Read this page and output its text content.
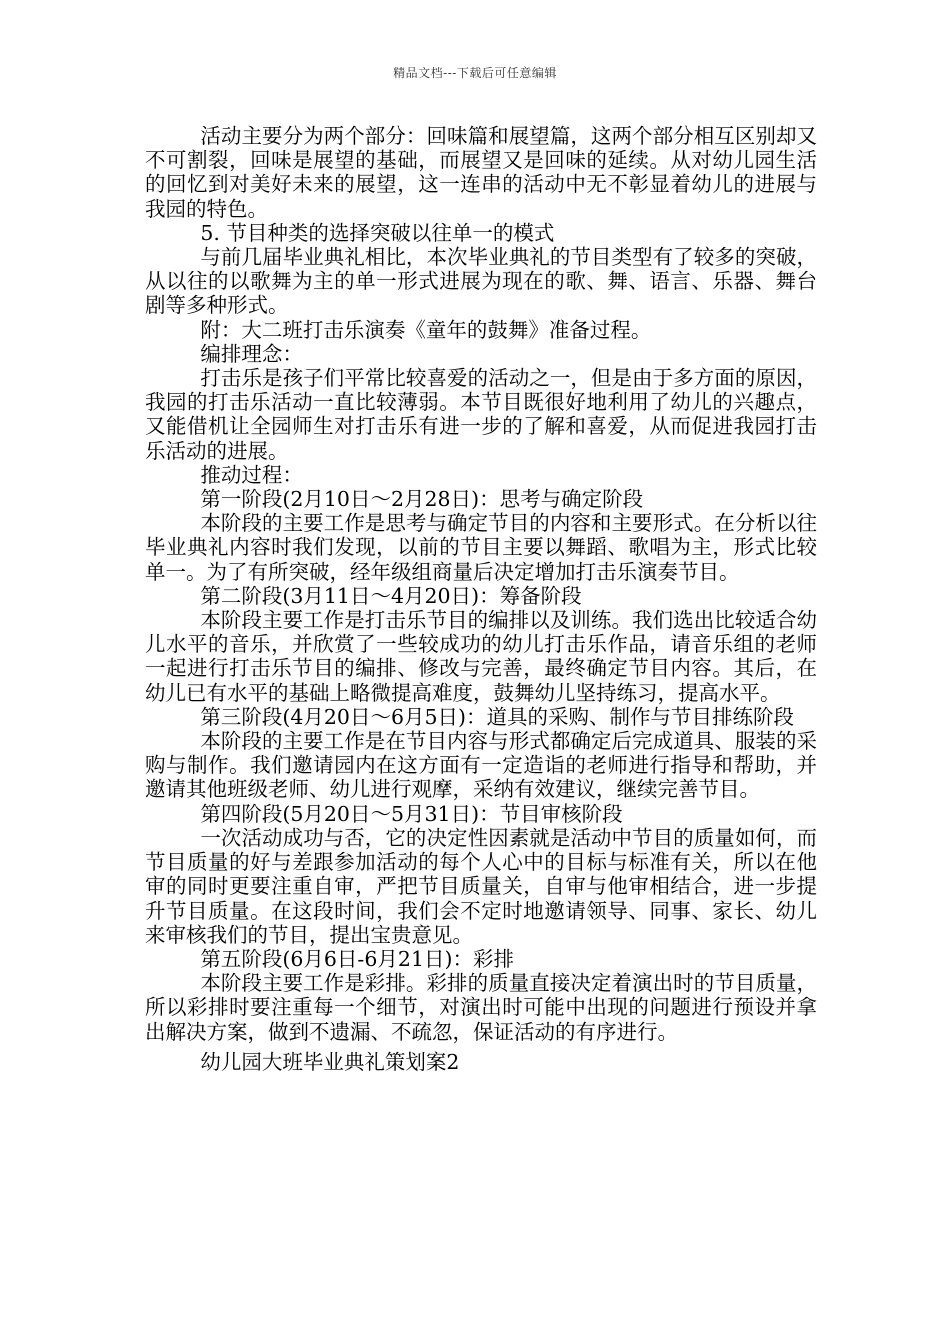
精品文档---下载后可任意编辑

活动主要分为两个部分：回味篇和展望篇，这两个部分相互区别却又不可割裂，回味是展望的基础，而展望又是回味的延续。从对幼儿园生活的回忆到对美好未来的展望，这一连串的活动中无不彰显着幼儿的进展与我园的特色。

5. 节目种类的选择突破以往单一的模式

与前几届毕业典礼相比，本次毕业典礼的节目类型有了较多的突破，从以往的以歌舞为主的单一形式进展为现在的歌、舞、语言、乐器、舞台剧等多种形式。

附：大二班打击乐演奏《童年的鼓舞》准备过程。

编排理念：

打击乐是孩子们平常比较喜爱的活动之一，但是由于多方面的原因，我园的打击乐活动一直比较薄弱。本节目既很好地利用了幼儿的兴趣点，又能借机让全园师生对打击乐有进一步的了解和喜爱，从而促进我园打击乐活动的进展。

推动过程：

第一阶段(2月10日～2月28日)：思考与确定阶段

本阶段的主要工作是思考与确定节目的内容和主要形式。在分析以往毕业典礼内容时我们发现，以前的节目主要以舞蹈、歌唱为主，形式比较单一。为了有所突破，经年级组商量后决定增加打击乐演奏节目。

第二阶段(3月11日～4月20日)：筹备阶段

本阶段主要工作是打击乐节目的编排以及训练。我们选出比较适合幼儿水平的音乐，并欣赏了一些较成功的幼儿打击乐作品，请音乐组的老师一起进行打击乐节目的编排、修改与完善，最终确定节目内容。其后，在幼儿已有水平的基础上略微提高难度，鼓舞幼儿坚持练习，提高水平。

第三阶段(4月20日～6月5日)：道具的采购、制作与节目排练阶段

本阶段的主要工作是在节目内容与形式都确定后完成道具、服装的采购与制作。我们邀请园内在这方面有一定造诣的老师进行指导和帮助，并邀请其他班级老师、幼儿进行观摩，采纳有效建议，继续完善节目。

第四阶段(5月20日～5月31日)：节目审核阶段

一次活动成功与否，它的决定性因素就是活动中节目的质量如何，而节目质量的好与差跟参加活动的每个人心中的目标与标准有关，所以在他审的同时更要注重自审，严把节目质量关，自审与他审相结合，进一步提升节目质量。在这段时间，我们会不定时地邀请领导、同事、家长、幼儿来审核我们的节目，提出宝贵意见。

第五阶段(6月6日-6月21日)：彩排

本阶段主要工作是彩排。彩排的质量直接决定着演出时的节目质量，所以彩排时要注重每一个细节，对演出时可能中出现的问题进行预设并拿出解决方案，做到不遗漏、不疏忽，保证活动的有序进行。

幼儿园大班毕业典礼策划案2
